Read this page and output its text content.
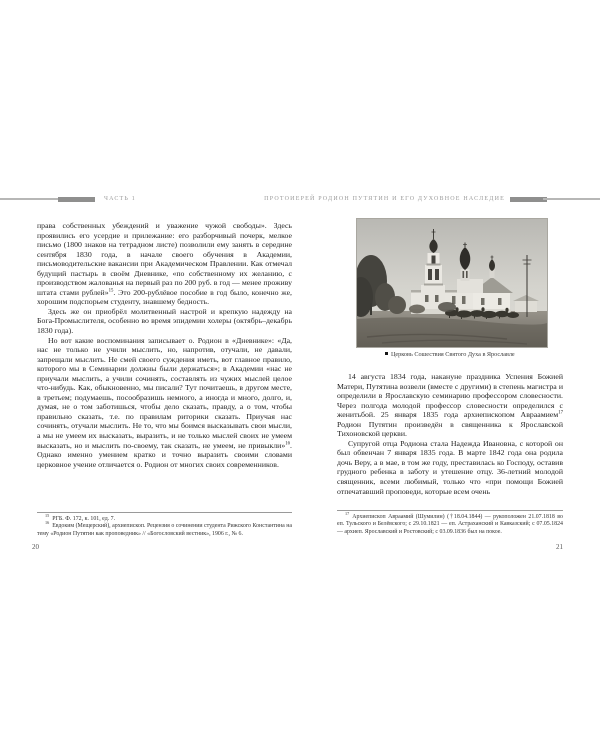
ЧАСТЬ 1	ПРОТОИЕРЕЙ РОДИОН ПУТЯТИН И ЕГО ДУХОВНОЕ НАСЛЕДИЕ

права собственных убеждений и уважение чужой свободы». Здесь проявились его усердие и прилежание: его разборчивый почерк, мелкое письмо (1800 знаков на тетрадном листе) позволили ему занять в середине сентября 1830 года, в начале своего обучения в Академии, письмоводительские вакансии при Академическом Правлении. Как отмечал будущий пастырь в своём Дневнике, «по собственному их желанию, с производством жалованья на первый раз по 200 руб. в год — менее проживу штата стами рублей»$^{15}$. Это 200-рублёвое пособие в год было, конечно же, хорошим подспорьем студенту, знавшему бедность.

Здесь же он приобрёл молитвенный настрой и крепкую надежду на Бога-Промыслителя, особенно во время эпидемии холеры (октябрь–декабрь 1830 года).

Но вот какие воспоминания записывает о. Родион в «Дневнике»: «Да, нас не только не учили мыслить, но, напротив, отучали, не давали, запрещали мыслить. Не смей своего суждения иметь, вот главное правило, которого мы в Семинарии должны были держаться»; в Академии «нас не приучали мыслить, а учили сочинять, составлять из чужих мыслей целое что-нибудь. Как, обыкновенно, мы писали? Тут почитаешь, в другом месте, в третьем; подумаешь, посообразишь немного, а иногда и много, долго, и, думая, не о том заботишься, чтобы дело сказать, правду, а о том, чтобы правильно сказать, т.е. по правилам риторики сказать. Приучая нас сочинять, отучали мыслить. Не то, что мы боимся высказывать свои мысли, а мы не умеем их высказать, выразить, и не только мыслей своих не умеем высказать, но и мыслить по-своему, так сказать, не умеем, не привыкли»$^{16}$. Однако именно умением кратко и точно выразить своими словами церковное учение отличается о. Родион от многих своих современников.

$^{15}$РГБ. Ф. 172, к. 101, ед. 7.
$^{16}$Евдоким (Мещерский), архиепископ. Рецензия о сочинении студента Рижского Константина на тему «Родион Путятин как проповедник» // «Богословский вестник», 1906 г., № 6.
20
Церковь Сошествия Святого Духа в Ярославле

14 августа 1834 года, накануне праздника Успения Божией Матери, Путятина возвели (вместе с другими) в степень магистра и определили в Ярославскую семинарию профессором словесности. Через полгода молодой профессор словесности определился с женитьбой. 25 января 1835 года архиепископом Авраамием$^{17}$ Родион Путятин произведён в священника к Ярославской Тихоновской церкви.

Супругой отца Родиона стала Надежда Ивановна, с которой он был обвенчан 7 января 1835 года. В марте 1842 года она родила дочь Веру, а в мае, в том же году, преставилась ко Господу, оставив грудного ребенка в заботу и утешение отцу. 36-летний молодой священник, всеми любимый, только что «при помощи Божией отпечатавший проповеди, которые всем очень

$^{17}$Архиепископ Авраамий (Шумилин) (†18.04.1844) — рукоположен 21.07.1818 во еп. Тульского и Белёвского; с 29.10.1821 — еп. Астраханский и Кавказский; с 07.05.1824 — архиеп. Ярославский и Ростовский; с 03.09.1836 был на покое.
21
